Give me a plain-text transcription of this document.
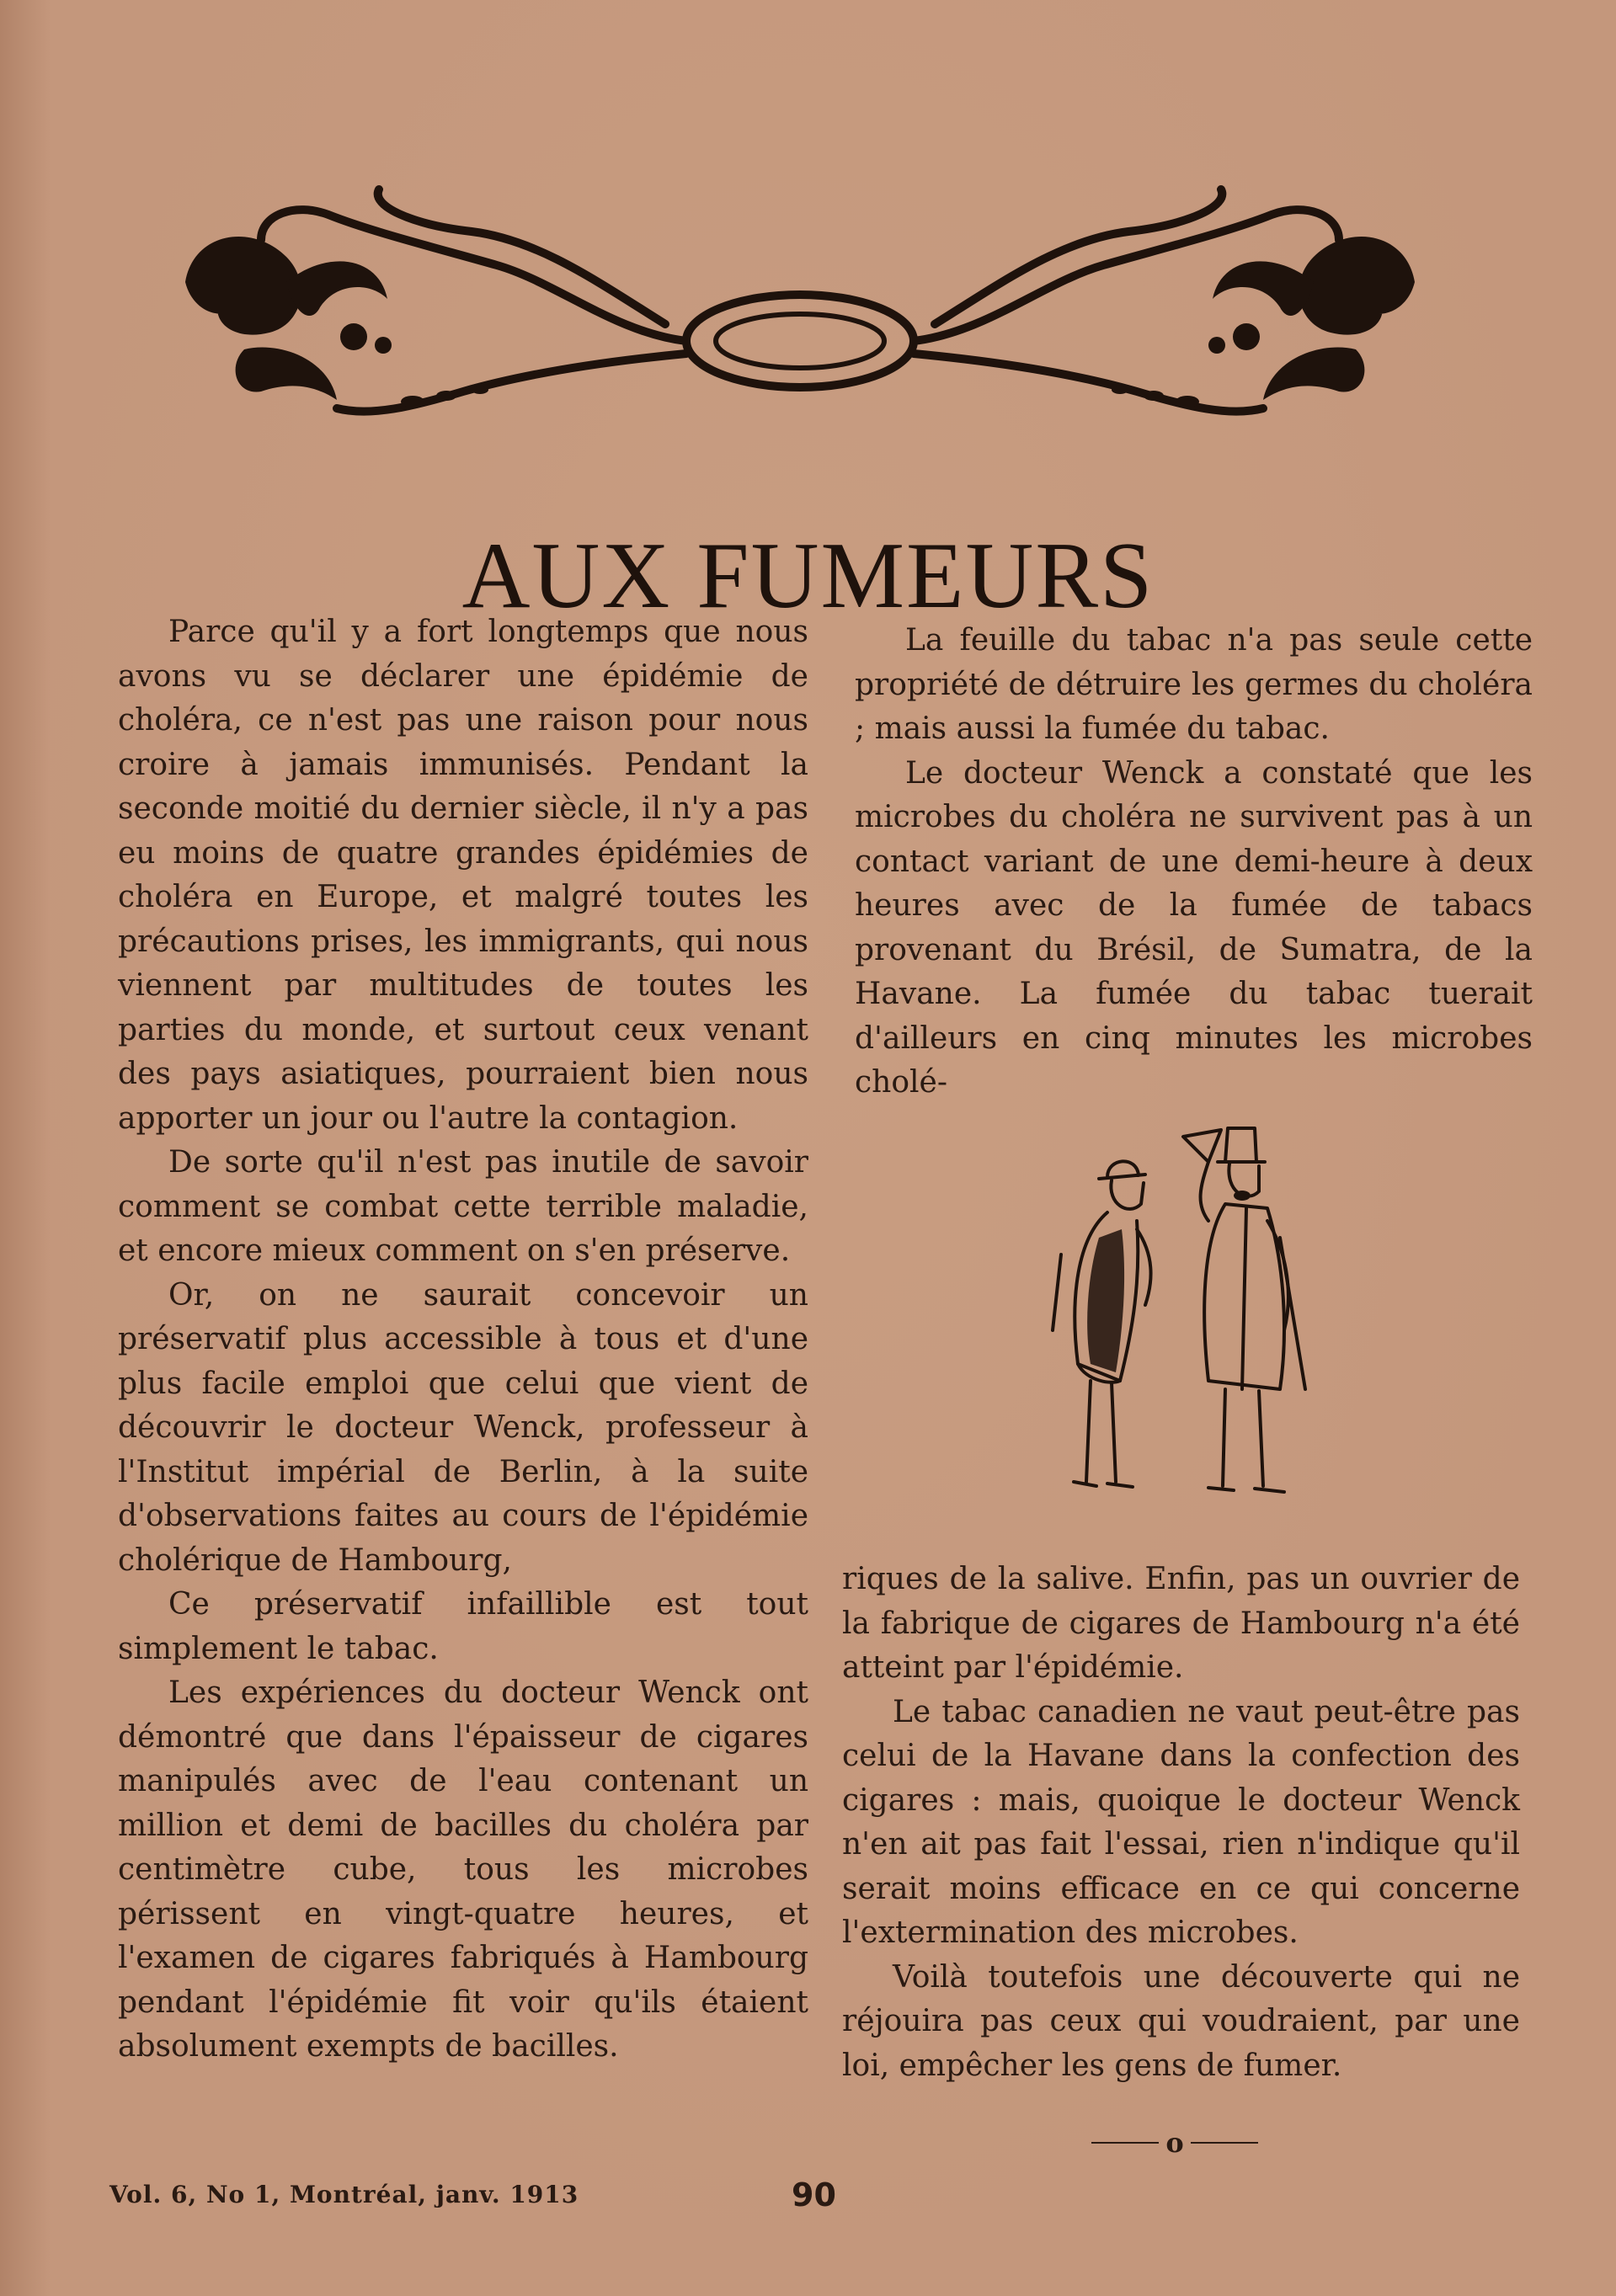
AUX FUMEURS

Parce qu'il y a fort longtemps que nous avons vu se déclarer une épidémie de choléra, ce n'est pas une raison pour nous croire à jamais immunisés. Pendant la seconde moitié du dernier siècle, il n'y a pas eu moins de quatre grandes épidémies de choléra en Europe, et malgré toutes les précautions prises, les immigrants, qui nous viennent par multitudes de toutes les parties du monde, et surtout ceux venant des pays asiatiques, pourraient bien nous apporter un jour ou l'autre la contagion.

De sorte qu'il n'est pas inutile de savoir comment se combat cette terrible maladie, et encore mieux comment on s'en préserve.

Or, on ne saurait concevoir un préservatif plus accessible à tous et d'une plus facile emploi que celui que vient de découvrir le docteur Wenck, professeur à l'Institut impérial de Berlin, à la suite d'observations faites au cours de l'épidémie cholérique de Hambourg,

Ce préservatif infaillible est tout simplement le tabac.

Les expériences du docteur Wenck ont démontré que dans l'épaisseur de cigares manipulés avec de l'eau contenant un million et demi de bacilles du choléra par centimètre cube, tous les microbes périssent en vingt-quatre heures, et l'examen de cigares fabriqués à Hambourg pendant l'épidémie fit voir qu'ils étaient absolument exempts de bacilles.

La feuille du tabac n'a pas seule cette propriété de détruire les germes du choléra ; mais aussi la fumée du tabac.

Le docteur Wenck a constaté que les microbes du choléra ne survivent pas à un contact variant de une demi-heure à deux heures avec de la fumée de tabacs provenant du Brésil, de Sumatra, de la Havane. La fumée du tabac tuerait d'ailleurs en cinq minutes les microbes cholé-

riques de la salive. Enfin, pas un ouvrier de la fabrique de cigares de Hambourg n'a été atteint par l'épidémie.

Le tabac canadien ne vaut peut-être pas celui de la Havane dans la confection des cigares : mais, quoique le docteur Wenck n'en ait pas fait l'essai, rien n'indique qu'il serait moins efficace en ce qui concerne l'extermination des microbes.

Voilà toutefois une découverte qui ne réjouira pas ceux qui voudraient, par une loi, empêcher les gens de fumer.

o
Vol. 6, No 1, Montréal, janv. 1913	90
